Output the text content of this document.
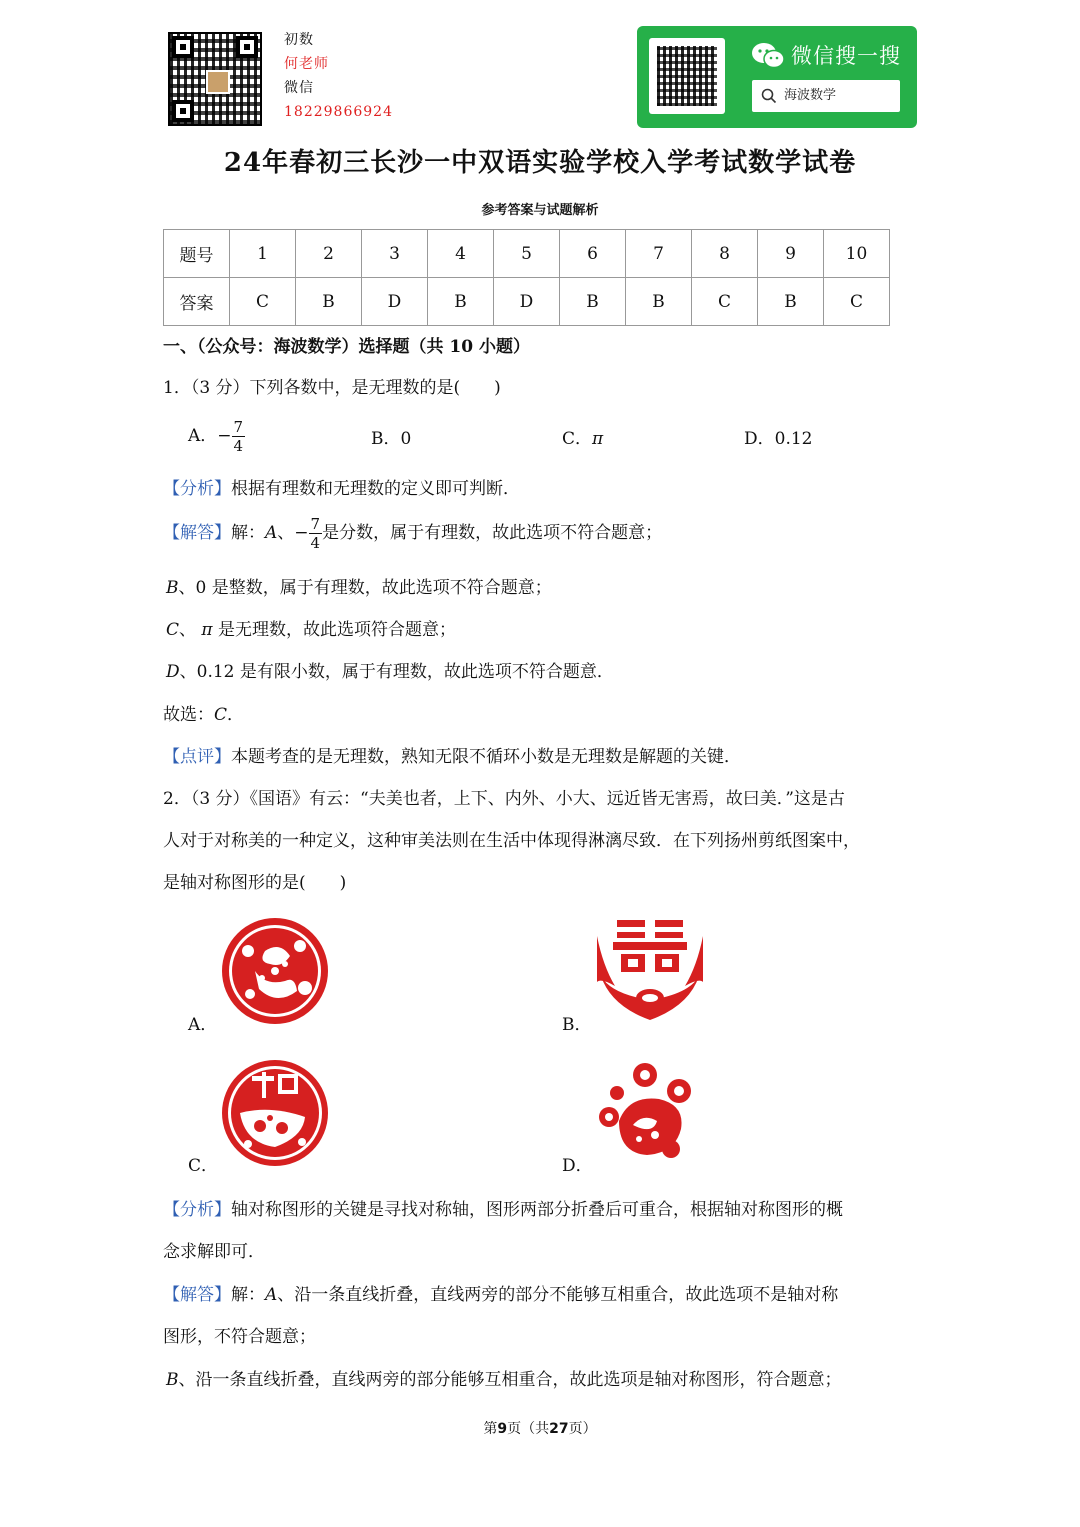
初数
何老师
微信
18229866924
微信搜一搜
海波数学
24年春初三长沙一中双语实验学校入学考试数学试卷
参考答案与试题解析
题号	1	2	3	4	5	6	7	8	9	10
答案	C	B	D	B	D	B	B	C	B	C
一、（公众号：海波数学）选择题（共 10 小题）
1．（3 分）下列各数中，是无理数的是(　　)
A．− $\frac{7}{4}$	B．0	C．π	D．0.12
【分析】根据有理数和无理数的定义即可判断．
【解答】解：A、− $\frac{7}{4}$ 是分数，属于有理数，故此选项不符合题意；
B、0 是整数，属于有理数，故此选项不符合题意；
C、 π 是无理数，故此选项符合题意；
D、0.12 是有限小数，属于有理数，故此选项不符合题意．
故选：C．
【点评】本题考查的是无理数，熟知无限不循环小数是无理数是解题的关键．
2．（3 分）《国语》有云：“夫美也者，上下、内外、小大、远近皆无害焉，故曰美．”这是古
人对于对称美的一种定义，这种审美法则在生活中体现得淋漓尽致．在下列扬州剪纸图案中，
是轴对称图形的是(　　)
A．	B．
C．	D．
【分析】轴对称图形的关键是寻找对称轴，图形两部分折叠后可重合，根据轴对称图形的概
念求解即可．
【解答】解：A、沿一条直线折叠，直线两旁的部分不能够互相重合，故此选项不是轴对称
图形，不符合题意；
B、沿一条直线折叠，直线两旁的部分能够互相重合，故此选项是轴对称图形，符合题意；
第9页（共27页）
